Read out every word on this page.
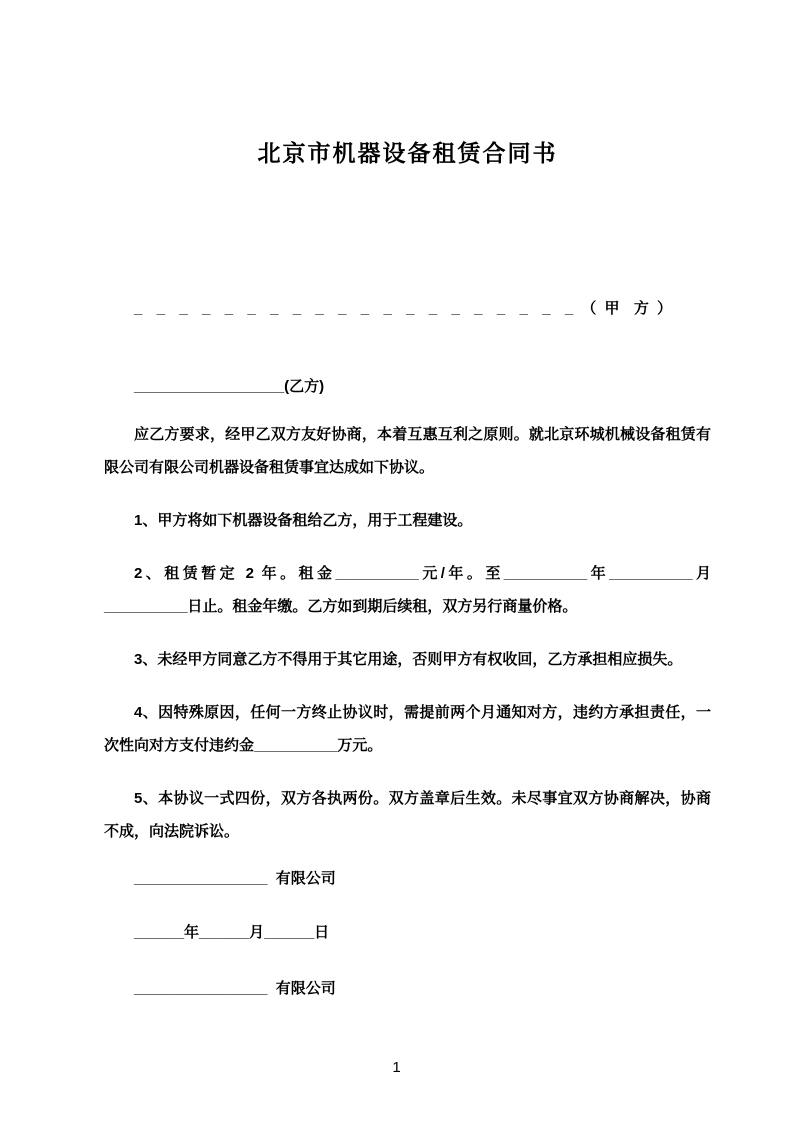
北京市机器设备租赁合同书

_  _  _  _  _  _  _  _  _  _  _  _  _  _  _  _  _  _  _  _ （ 甲  方 ）

__________________(乙方)

应乙方要求，经甲乙双方友好协商，本着互惠互利之原则。就北京环城机械设备租赁有限公司有限公司机器设备租赁事宜达成如下协议。

1、甲方将如下机器设备租给乙方，用于工程建设。

2、租赁暂定 2 年。租金__________元/年。至__________年__________月__________日止。租金年缴。乙方如到期后续租，双方另行商量价格。

3、未经甲方同意乙方不得用于其它用途，否则甲方有权收回，乙方承担相应损失。

4、因特殊原因，任何一方终止协议时，需提前两个月通知对方，违约方承担责任，一次性向对方支付违约金__________万元。

5、本协议一式四份，双方各执两份。双方盖章后生效。未尽事宜双方协商解决，协商不成，向法院诉讼。

________________  有限公司

______年______月______日

________________  有限公司

1
